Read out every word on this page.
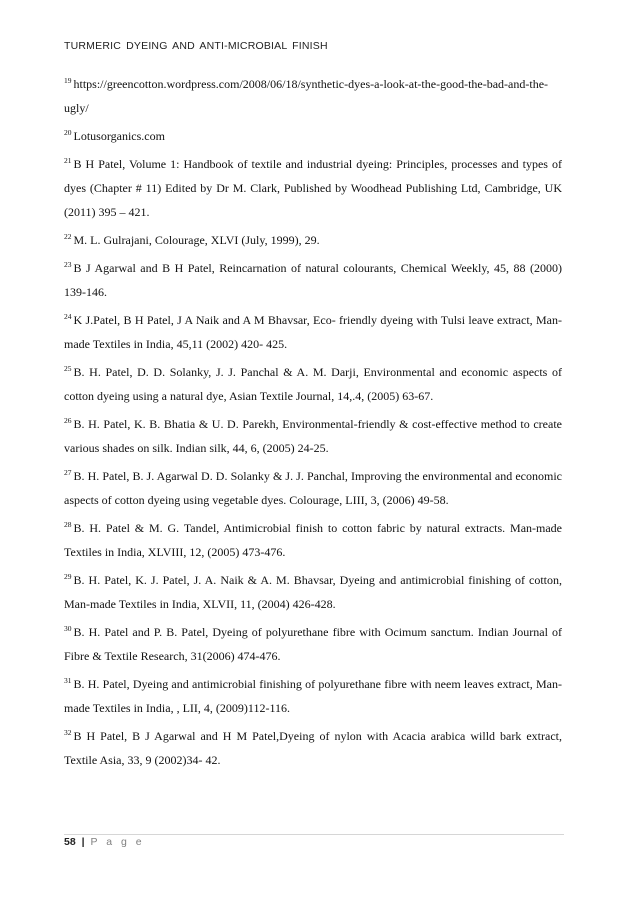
TURMERIC DYEING AND ANTI-MICROBIAL FINISH

$^{19}$ https://greencotton.wordpress.com/2008/06/18/synthetic-dyes-a-look-at-the-good-the-bad-and-the-ugly/

$^{20}$ Lotusorganics.com

$^{21}$ B H Patel, Volume 1: Handbook of textile and industrial dyeing: Principles, processes and types of dyes (Chapter # 11) Edited by Dr M. Clark, Published by Woodhead Publishing Ltd, Cambridge, UK (2011) 395 – 421.

$^{22}$ M. L. Gulrajani, Colourage, XLVI (July, 1999), 29.

$^{23}$ B J Agarwal and B H Patel, Reincarnation of natural colourants, Chemical Weekly, 45, 88 (2000) 139-146.

$^{24}$ K J.Patel, B H Patel, J A Naik and A M Bhavsar, Eco- friendly dyeing with Tulsi leave extract, Man-made Textiles in India, 45,11 (2002) 420- 425.

$^{25}$ B. H. Patel, D. D. Solanky, J. J. Panchal & A. M. Darji, Environmental and economic aspects of cotton dyeing using a natural dye, Asian Textile Journal, 14,.4, (2005) 63-67.

$^{26}$ B. H. Patel, K. B. Bhatia & U. D. Parekh, Environmental-friendly & cost-effective method to create various shades on silk. Indian silk, 44, 6, (2005) 24-25.

$^{27}$ B. H. Patel, B. J. Agarwal D. D. Solanky & J. J. Panchal, Improving the environmental and economic aspects of cotton dyeing using vegetable dyes. Colourage, LIII, 3, (2006) 49-58.

$^{28}$ B. H. Patel & M. G. Tandel, Antimicrobial finish to cotton fabric by natural extracts. Man-made Textiles in India, XLVIII, 12, (2005) 473-476.

$^{29}$ B. H. Patel, K. J. Patel, J. A. Naik & A. M. Bhavsar, Dyeing and antimicrobial finishing of cotton, Man-made Textiles in India, XLVII, 11, (2004) 426-428.

$^{30}$ B. H. Patel and P. B. Patel, Dyeing of polyurethane fibre with Ocimum sanctum. Indian Journal of Fibre & Textile Research, 31(2006) 474-476.

$^{31}$ B. H. Patel, Dyeing and antimicrobial finishing of polyurethane fibre with neem leaves extract, Man-made Textiles in India, , LII, 4, (2009)112-116.

$^{32}$ B H Patel, B J Agarwal and H M Patel,Dyeing of nylon with Acacia arabica willd bark extract, Textile Asia, 33, 9 (2002)34- 42.

58 | P a g e
